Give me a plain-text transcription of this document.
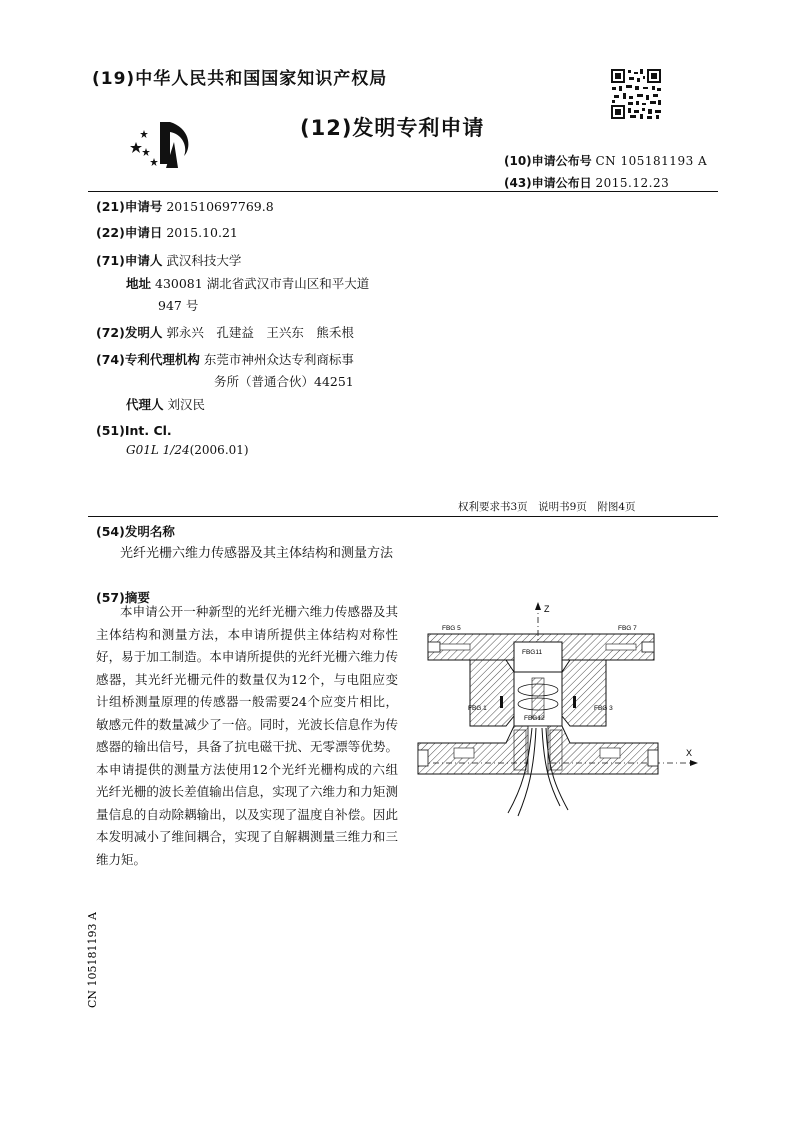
(19)中华人民共和国国家知识产权局
(12)发明专利申请
(10)申请公布号 CN 105181193 A
(43)申请公布日 2015.12.23
(21)申请号 201510697769.8
(22)申请日 2015.10.21
(71)申请人 武汉科技大学
地址 430081 湖北省武汉市青山区和平大道
947 号
(72)发明人 郭永兴　孔建益　王兴东　熊禾根
(74)专利代理机构 东莞市神州众达专利商标事
务所（普通合伙）44251
代理人 刘汉民
(51)Int. Cl.
G01L 1/24(2006.01)
权利要求书3页　说明书9页　附图4页
(54)发明名称
光纤光栅六维力传感器及其主体结构和测量方法
(57)摘要
本申请公开一种新型的光纤光栅六维力传感器及其主体结构和测量方法，本申请所提供主体结构对称性好，易于加工制造。本申请所提供的光纤光栅六维力传感器，其光纤光栅元件的数量仅为12个，与电阻应变计组桥测量原理的传感器一般需要24个应变片相比，敏感元件的数量减少了一倍。同时，光波长信息作为传感器的输出信号，具备了抗电磁干扰、无零漂等优势。本申请提供的测量方法使用12个光纤光栅构成的六组光纤光栅的波长差值输出信息，实现了六维力和力矩测量信息的自动除耦输出，以及实现了温度自补偿。因此本发明减小了维间耦合，实现了自解耦测量三维力和三维力矩。
Z
X
FBG 5	FBG 7
FBG11
FBG 1	FBG 3
FBG12
CN 105181193 A
